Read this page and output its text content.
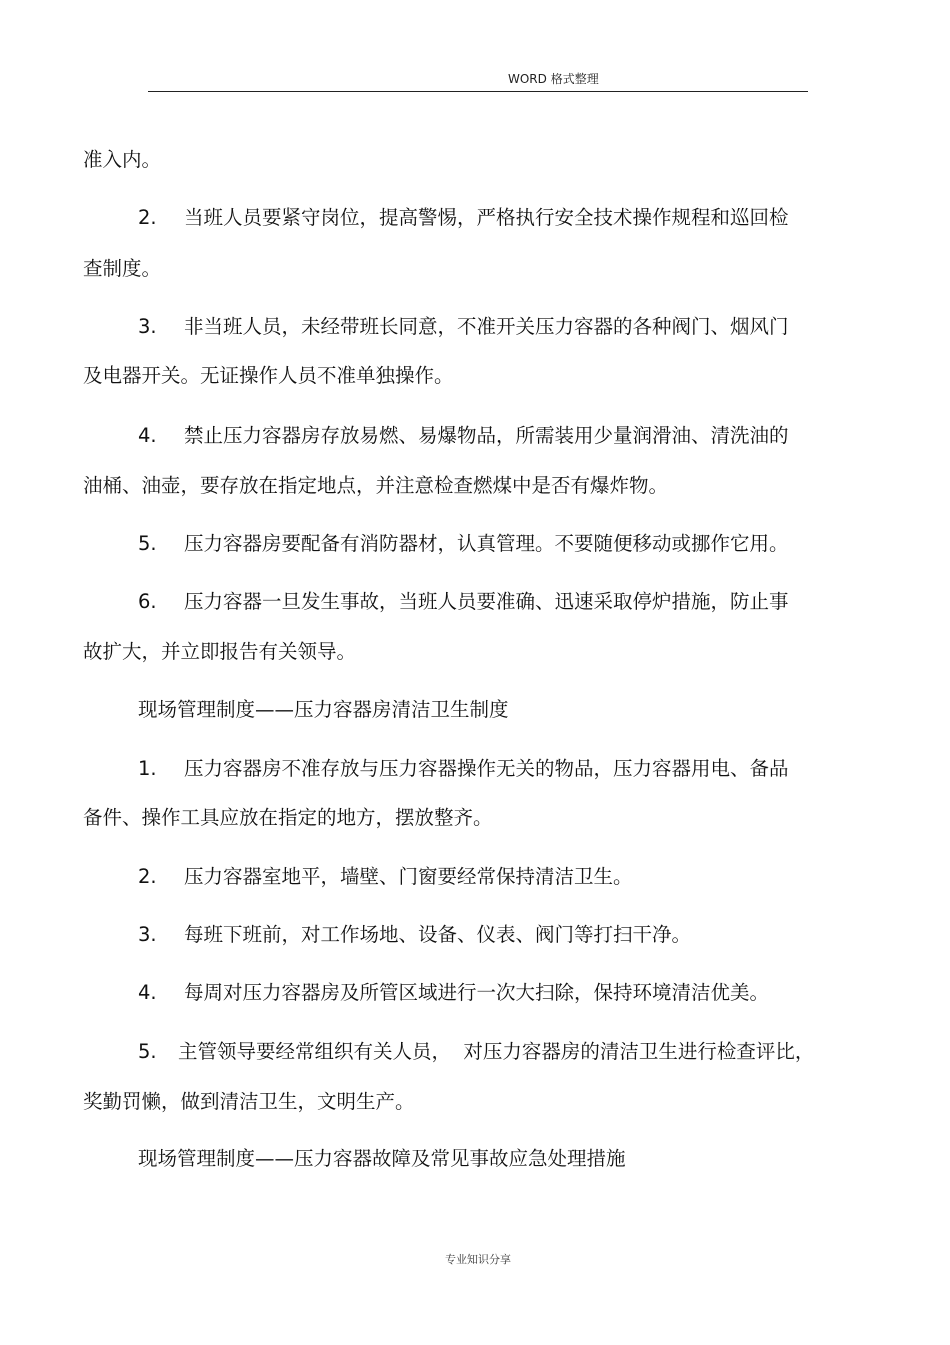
WORD 格式整理
准入内。
2. 当班人员要紧守岗位，提高警惕，严格执行安全技术操作规程和巡回检
查制度。
3. 非当班人员，未经带班长同意，不准开关压力容器的各种阀门、烟风门
及电器开关。无证操作人员不准单独操作。
4. 禁止压力容器房存放易燃、易爆物品，所需装用少量润滑油、清洗油的
油桶、油壶，要存放在指定地点，并注意检查燃煤中是否有爆炸物。
5. 压力容器房要配备有消防器材，认真管理。不要随便移动或挪作它用。
6. 压力容器一旦发生事故，当班人员要准确、迅速采取停炉措施，防止事
故扩大，并立即报告有关领导。
现场管理制度——压力容器房清洁卫生制度
1. 压力容器房不准存放与压力容器操作无关的物品，压力容器用电、备品
备件、操作工具应放在指定的地方，摆放整齐。
2. 压力容器室地平，墙壁、门窗要经常保持清洁卫生。
3. 每班下班前，对工作场地、设备、仪表、阀门等打扫干净。
4. 每周对压力容器房及所管区域进行一次大扫除，保持环境清洁优美。
5. 主管领导要经常组织有关人员，  对压力容器房的清洁卫生进行检查评比，
奖勤罚懒，做到清洁卫生，文明生产。
现场管理制度——压力容器故障及常见事故应急处理措施
专业知识分享
